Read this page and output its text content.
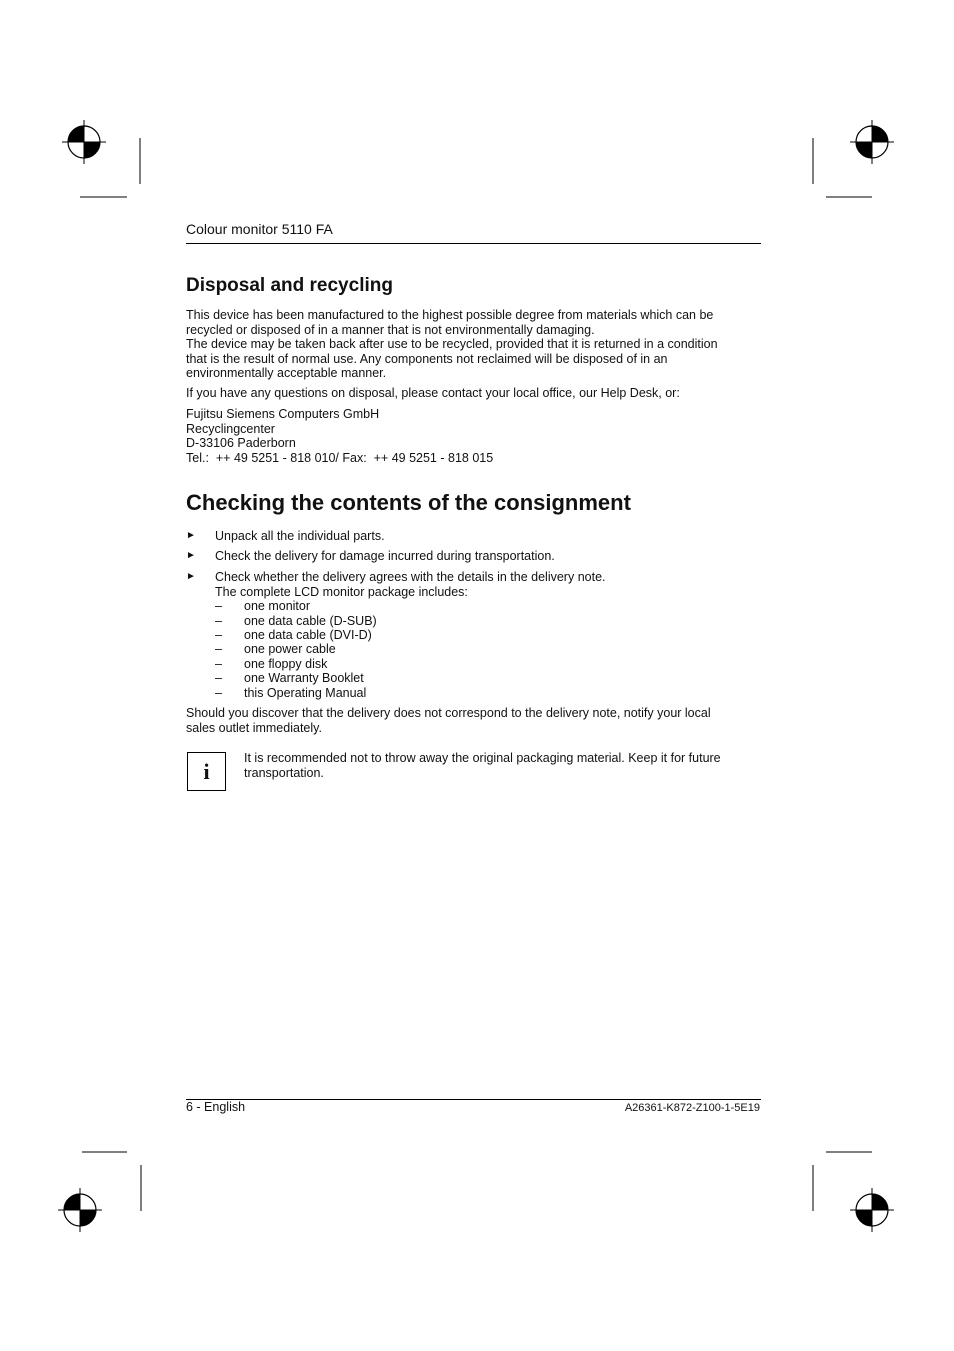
Colour monitor 5110 FA
Disposal and recycling
This device has been manufactured to the highest possible degree from materials which can be
recycled or disposed of in a manner that is not environmentally damaging.
The device may be taken back after use to be recycled, provided that it is returned in a condition
that is the result of normal use. Any components not reclaimed will be disposed of in an
environmentally acceptable manner.
If you have any questions on disposal, please contact your local office, our Help Desk, or:
Fujitsu Siemens Computers GmbH
Recyclingcenter
D-33106 Paderborn
Tel.:  ++ 49 5251 - 818 010/ Fax:  ++ 49 5251 - 818 015
Checking the contents of the consignment
► Unpack all the individual parts.
► Check the delivery for damage incurred during transportation.
► Check whether the delivery agrees with the details in the delivery note.
The complete LCD monitor package includes:
– one monitor
– one data cable (D-SUB)
– one data cable (DVI-D)
– one power cable
– one floppy disk
– one Warranty Booklet
– this Operating Manual
Should you discover that the delivery does not correspond to the delivery note, notify your local
sales outlet immediately.
i
It is recommended not to throw away the original packaging material. Keep it for future
transportation.
6 - English	A26361-K872-Z100-1-5E19
